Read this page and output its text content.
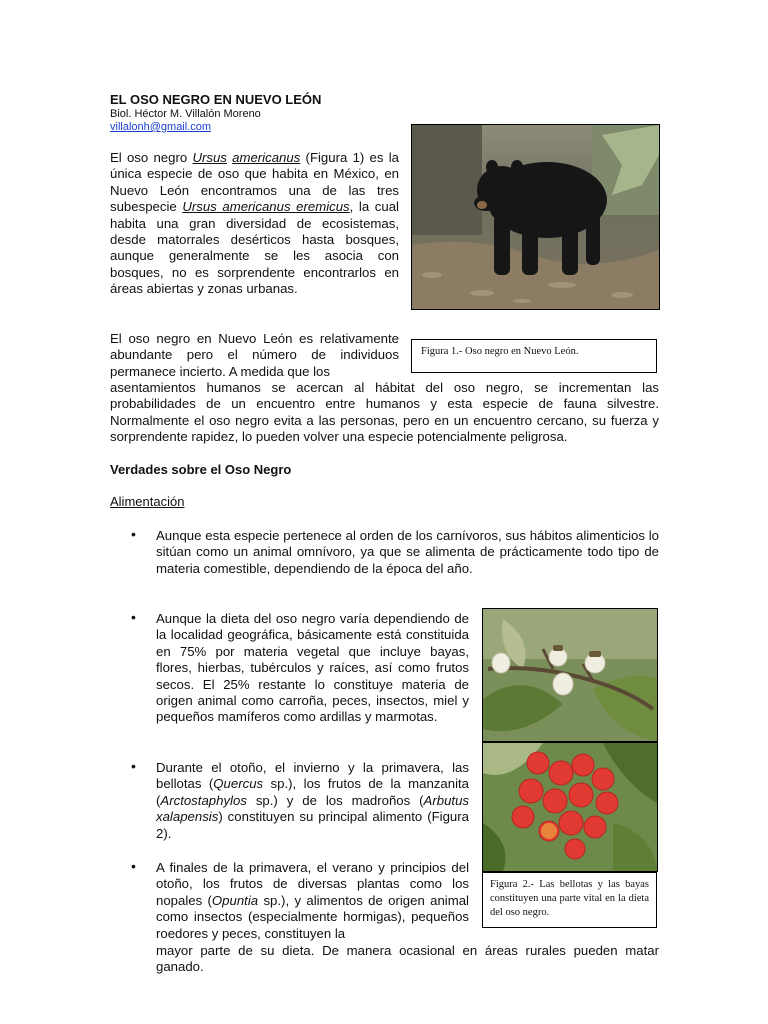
EL OSO NEGRO EN NUEVO LEÓN
Biol. Héctor M. Villalón Moreno
villalonh@gmail.com
El oso negro Ursus americanus (Figura 1) es la única especie de oso que habita en México, en Nuevo León encontramos una de las tres subespecie Ursus americanus eremicus, la cual habita una gran diversidad de ecosistemas, desde matorrales desérticos hasta bosques, aunque generalmente se les asocia con bosques, no es sorprendente encontrarlos en áreas abiertas y zonas urbanas.
Figura 1.- Oso negro en Nuevo León.
El oso negro en Nuevo León es relativamente abundante pero el número de individuos permanece incierto. A medida que los
asentamientos humanos se acercan al hábitat del oso negro, se incrementan las probabilidades de un encuentro entre humanos y esta especie de fauna silvestre. Normalmente el oso negro evita a las personas, pero en un encuentro cercano, su fuerza y sorprendente rapidez, lo pueden volver una especie potencialmente peligrosa.
Verdades sobre el Oso Negro
Alimentación
• Aunque esta especie pertenece al orden de los carnívoros, sus hábitos alimenticios lo sitúan como un animal omnívoro, ya que se alimenta de prácticamente todo tipo de materia comestible, dependiendo de la época del año.
• Aunque la dieta del oso negro varía dependiendo de la localidad geográfica, básicamente está constituida en 75% por materia vegetal que incluye bayas, flores, hierbas, tubérculos y raíces, así como frutos secos. El 25% restante lo constituye materia de origen animal como carroña, peces, insectos, miel y pequeños mamíferos como ardillas y marmotas.
• Durante el otoño, el invierno y la primavera, las bellotas (Quercus sp.), los frutos de la manzanita (Arctostaphylos sp.) y de los madroños (Arbutus xalapensis) constituyen su principal alimento (Figura 2).
• A finales de la primavera, el verano y principios del otoño, los frutos de diversas plantas como los nopales (Opuntia sp.), y alimentos de origen animal como insectos (especialmente hormigas), pequeños roedores y peces, constituyen la
mayor parte de su dieta. De manera ocasional en áreas rurales pueden matar ganado.
Figura 2.- Las bellotas y las bayas constituyen una parte vital en la dieta del oso negro.
